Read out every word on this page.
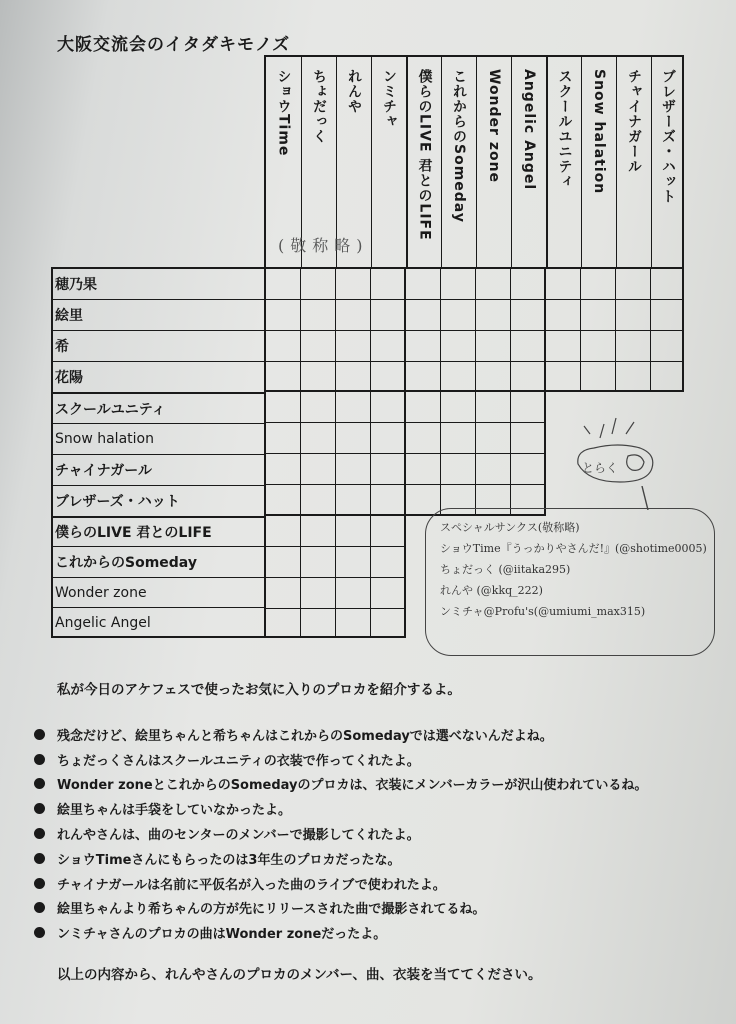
大阪交流会のイタダキモノズ
ショウTime ちょだっく れんや ンミチャ 僕らのLIVE 君とのLIFE これからのSomeday Wonder zone Angelic Angel スクールユニティ Snow halation チャイナガール ブレザーズ・ハット
(敬称略)
穂乃果
絵里
希
花陽
スクールユニティ
Snow halation
チャイナガール
ブレザーズ・ハット
僕らのLIVE 君とのLIFE
これからのSomeday
Wonder zone
Angelic Angel
とらく
スペシャルサンクス(敬称略)
ショウTime『うっかりやさんだ!』(@shotime0005)
ちょだっく (@iitaka295)
れんや (@kkq_222)
ンミチャ@Profu's(@umiumi_max315)
私が今日のアケフェスで使ったお気に入りのプロカを紹介するよ。
残念だけど、絵里ちゃんと希ちゃんはこれからのSomedayでは選べないんだよね。
ちょだっくさんはスクールユニティの衣装で作ってくれたよ。
Wonder zoneとこれからのSomedayのプロカは、衣装にメンバーカラーが沢山使われているね。
絵里ちゃんは手袋をしていなかったよ。
れんやさんは、曲のセンターのメンバーで撮影してくれたよ。
ショウTimeさんにもらったのは3年生のプロカだったな。
チャイナガールは名前に平仮名が入った曲のライブで使われたよ。
絵里ちゃんより希ちゃんの方が先にリリースされた曲で撮影されてるね。
ンミチャさんのプロカの曲はWonder zoneだったよ。
以上の内容から、れんやさんのプロカのメンバー、曲、衣装を当ててください。
